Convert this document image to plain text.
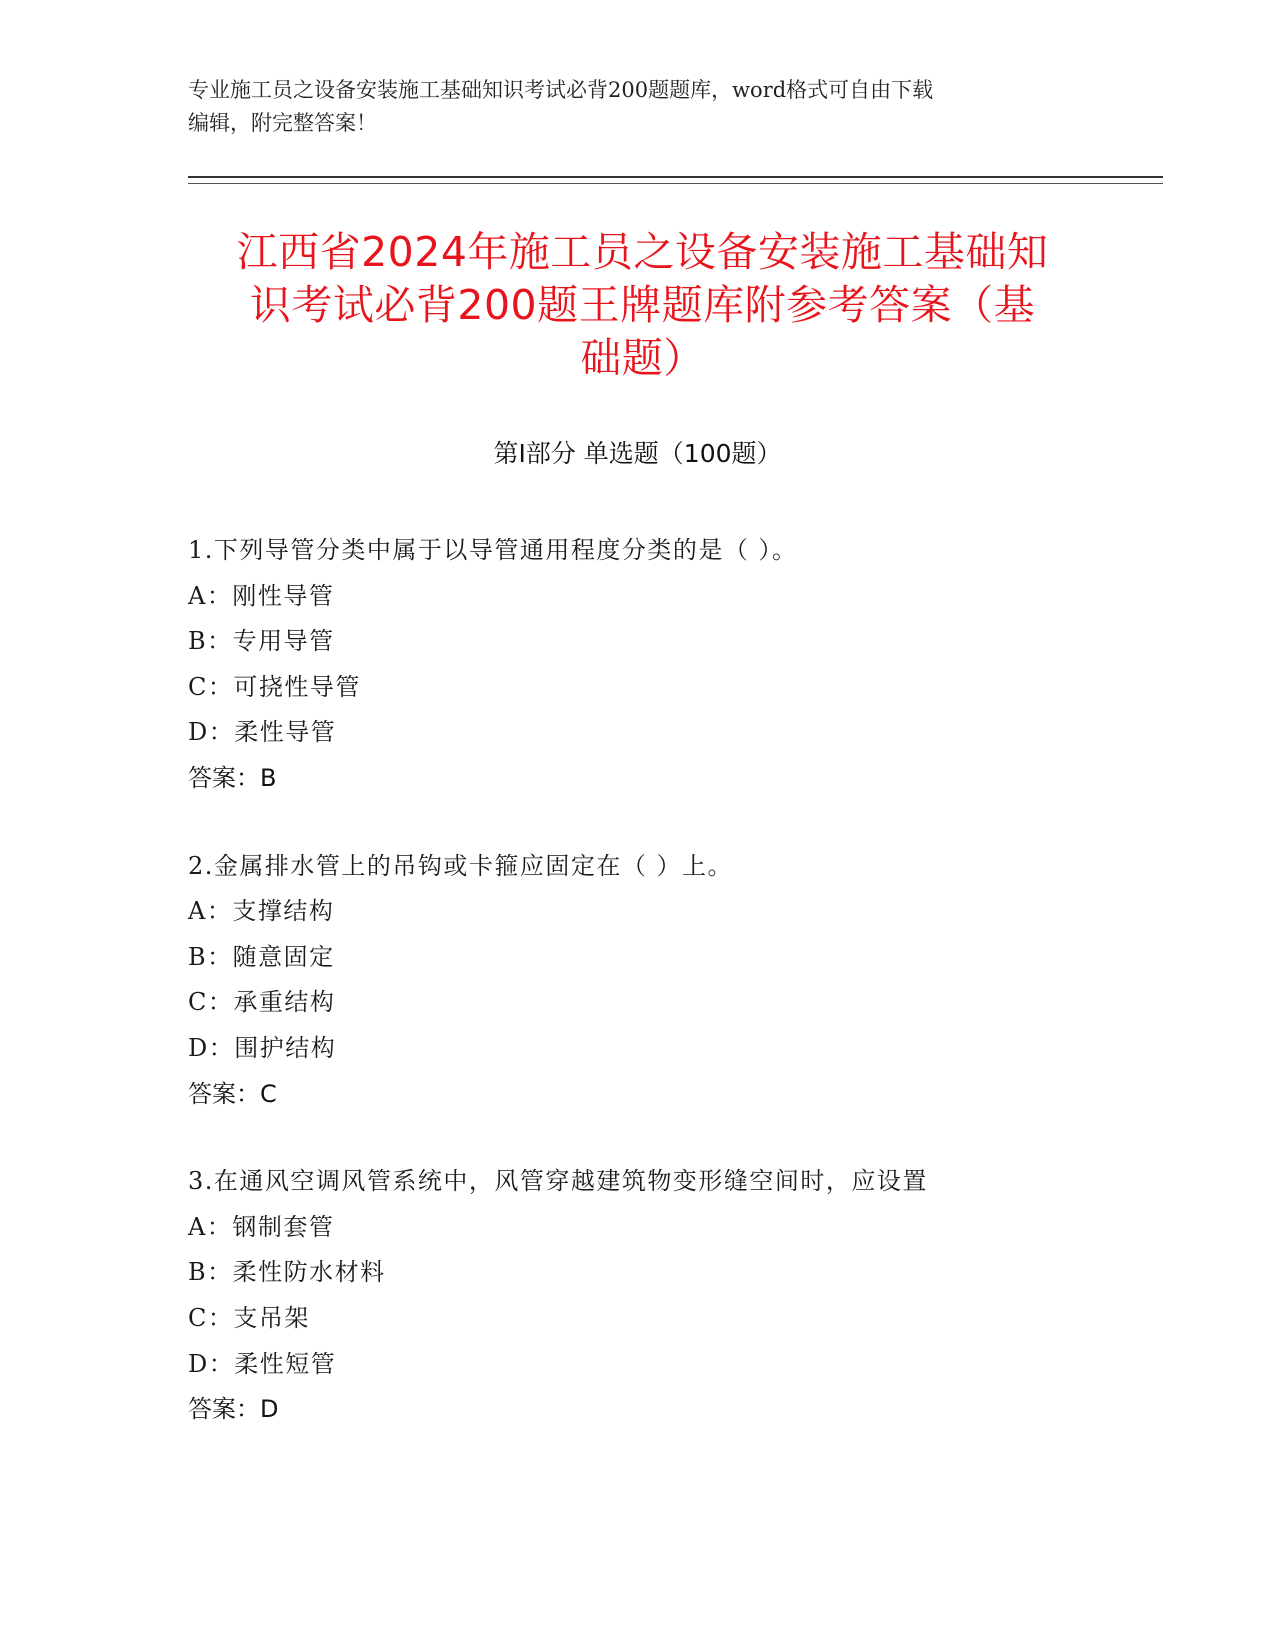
专业施工员之设备安装施工基础知识考试必背200题题库，word格式可自由下载
编辑，附完整答案！
江西省2024年施工员之设备安装施工基础知
识考试必背200题王牌题库附参考答案（基
础题）
第Ⅰ部分 单选题（100题）
1.下列导管分类中属于以导管通用程度分类的是（ ）。
A：刚性导管
B：专用导管
C：可挠性导管
D：柔性导管
答案：B
2.金属排水管上的吊钩或卡箍应固定在（ ）上。
A：支撑结构
B：随意固定
C：承重结构
D：围护结构
答案：C
3.在通风空调风管系统中，风管穿越建筑物变形缝空间时，应设置
A：钢制套管
B：柔性防水材料
C：支吊架
D：柔性短管
答案：D
